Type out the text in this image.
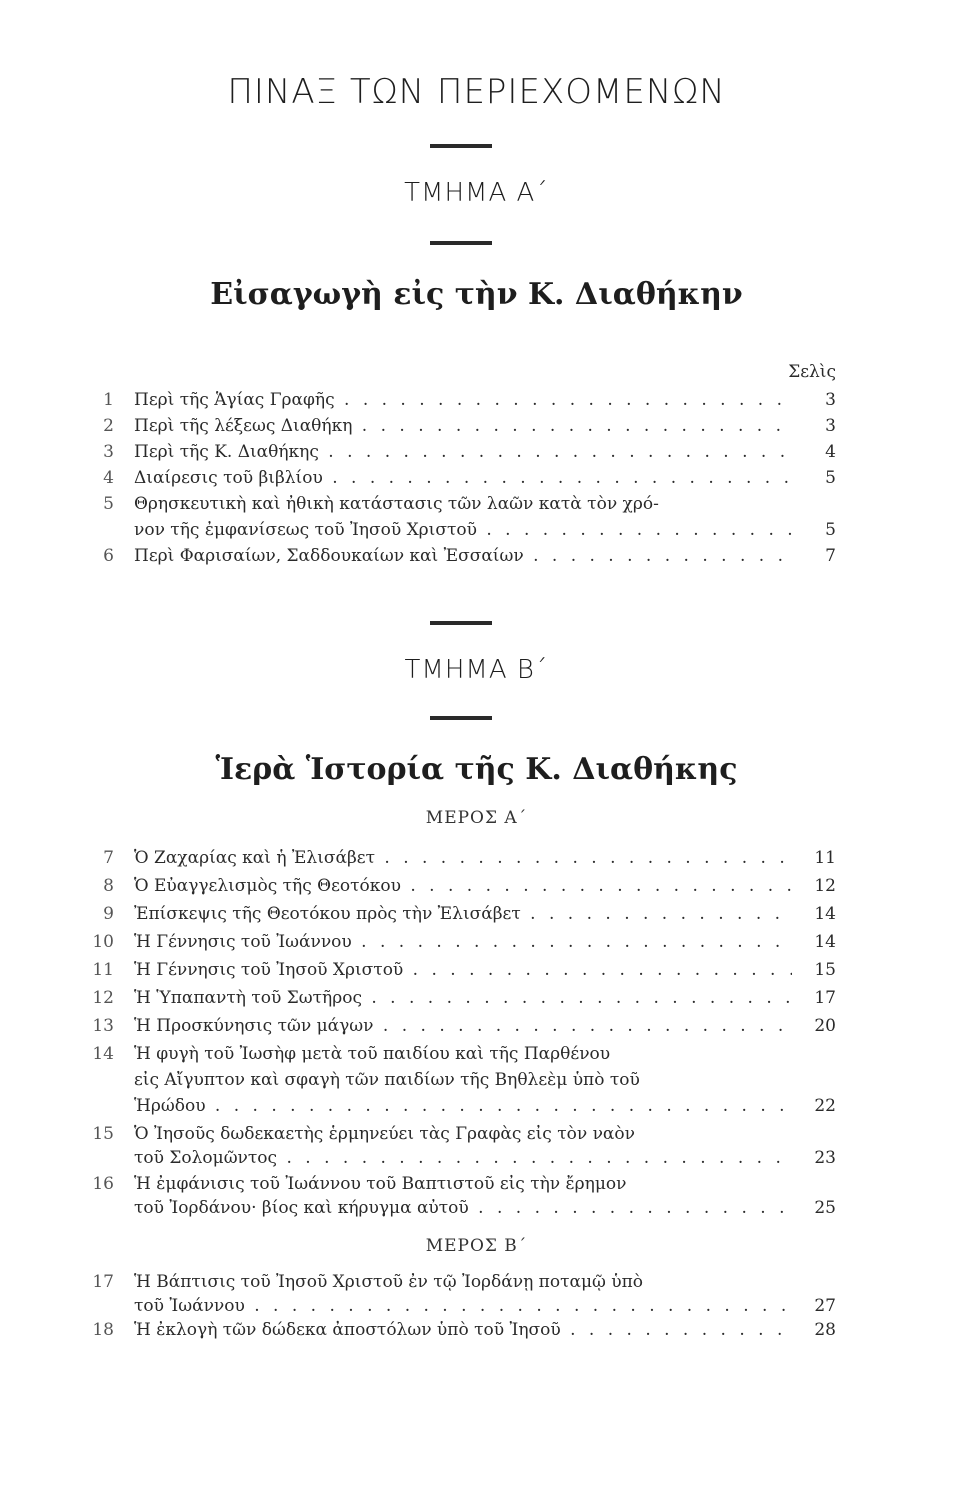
ΠΙΝΑΞ ΤΩΝ ΠΕΡΙΕΧΟΜΕΝΩΝ
ΤΜΗΜΑ Α΄
Εἰσαγωγὴ εἰς τὴν Κ. Διαθήκην
Σελὶς
1 Περὶ τῆς Ἁγίας Γραφῆς . . .	3
2 Περὶ τῆς λέξεως Διαθήκη . . .	3
3 Περὶ τῆς Κ. Διαθήκης . . .	4
4 Διαίρεσις τοῦ βιβλίου . . .	5
5 Θρησκευτικὴ καὶ ἠθικὴ κατάστασις τῶν λαῶν κατὰ τὸν χρό-
νον τῆς ἐμφανίσεως τοῦ Ἰησοῦ Χριστοῦ . . .	5
6 Περὶ Φαρισαίων, Σαδδουκαίων καὶ Ἐσσαίων . . .	7
ΤΜΗΜΑ Β΄
Ἱερὰ Ἱστορία τῆς Κ. Διαθήκης
ΜΕΡΟΣ Α΄
7 Ὁ Ζαχαρίας καὶ ἡ Ἐλισάβετ . . .	11
8 Ὁ Εὐαγγελισμὸς τῆς Θεοτόκου . . .	12
9 Ἐπίσκεψις τῆς Θεοτόκου πρὸς τὴν Ἐλισάβετ . . .	14
10 Ἡ Γέννησις τοῦ Ἰωάννου . . .	14
11 Ἡ Γέννησις τοῦ Ἰησοῦ Χριστοῦ . . .	15
12 Ἡ Ὑπαπαντὴ τοῦ Σωτῆρος . . .	17
13 Ἡ Προσκύνησις τῶν μάγων . . .	20
14 Ἡ φυγὴ τοῦ Ἰωσὴφ μετὰ τοῦ παιδίου καὶ τῆς Παρθένου
εἰς Αἴγυπτον καὶ σφαγὴ τῶν παιδίων τῆς Βηθλεὲμ ὑπὸ τοῦ
Ἡρώδου . . .	22
15 Ὁ Ἰησοῦς δωδεκαετὴς ἑρμηνεύει τὰς Γραφὰς εἰς τὸν ναὸν
τοῦ Σολομῶντος . . .	23
16 Ἡ ἐμφάνισις τοῦ Ἰωάννου τοῦ Βαπτιστοῦ εἰς τὴν ἔρημον
τοῦ Ἰορδάνου· βίος καὶ κήρυγμα αὐτοῦ . . .	25
ΜΕΡΟΣ Β΄
17 Ἡ Βάπτισις τοῦ Ἰησοῦ Χριστοῦ ἐν τῷ Ἰορδάνῃ ποταμῷ ὑπὸ
τοῦ Ἰωάννου . . .	27
18 Ἡ ἐκλογὴ τῶν δώδεκα ἀποστόλων ὑπὸ τοῦ Ἰησοῦ . . .	28
